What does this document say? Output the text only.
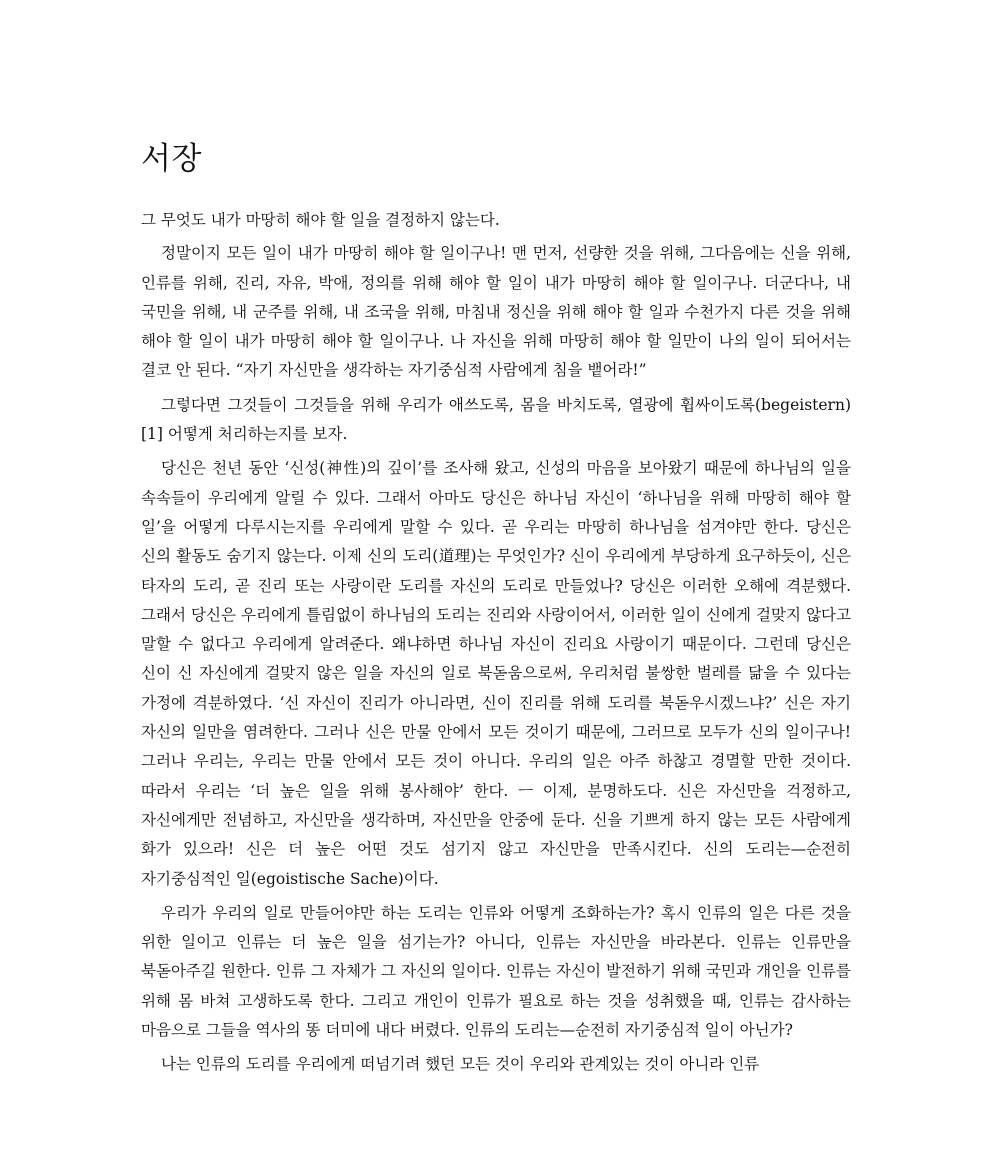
서장

그 무엇도 내가 마땅히 해야 할 일을 결정하지 않는다.

정말이지 모든 일이 내가 마땅히 해야 할 일이구나! 맨 먼저, 선량한 것을 위해, 그다음에는 신을 위해, 인류를 위해, 진리, 자유, 박애, 정의를 위해 해야 할 일이 내가 마땅히 해야 할 일이구나. 더군다나, 내 국민을 위해, 내 군주를 위해, 내 조국을 위해, 마침내 정신을 위해 해야 할 일과 수천가지 다른 것을 위해 해야 할 일이 내가 마땅히 해야 할 일이구나. 나 자신을 위해 마땅히 해야 할 일만이 나의 일이 되어서는 결코 안 된다. “자기 자신만을 생각하는 자기중심적 사람에게 침을 뱉어라!”

그렇다면 그것들이 그것들을 위해 우리가 애쓰도록, 몸을 바치도록, 열광에 휩싸이도록(begeistern)[1] 어떻게 처리하는지를 보자.

당신은 천년 동안 ‘신성(神性)의 깊이’를 조사해 왔고, 신성의 마음을 보아왔기 때문에 하나님의 일을 속속들이 우리에게 알릴 수 있다. 그래서 아마도 당신은 하나님 자신이 ‘하나님을 위해 마땅히 해야 할 일’을 어떻게 다루시는지를 우리에게 말할 수 있다. 곧 우리는 마땅히 하나님을 섬겨야만 한다. 당신은 신의 활동도 숨기지 않는다. 이제 신의 도리(道理)는 무엇인가? 신이 우리에게 부당하게 요구하듯이, 신은 타자의 도리, 곧 진리 또는 사랑이란 도리를 자신의 도리로 만들었나? 당신은 이러한 오해에 격분했다. 그래서 당신은 우리에게 틀림없이 하나님의 도리는 진리와 사랑이어서, 이러한 일이 신에게 걸맞지 않다고 말할 수 없다고 우리에게 알려준다. 왜냐하면 하나님 자신이 진리요 사랑이기 때문이다. 그런데 당신은 신이 신 자신에게 걸맞지 않은 일을 자신의 일로 북돋움으로써, 우리처럼 불쌍한 벌레를 닮을 수 있다는 가정에 격분하였다. ‘신 자신이 진리가 아니라면, 신이 진리를 위해 도리를 북돋우시겠느냐?’ 신은 자기 자신의 일만을 염려한다. 그러나 신은 만물 안에서 모든 것이기 때문에, 그러므로 모두가 신의 일이구나! 그러나 우리는, 우리는 만물 안에서 모든 것이 아니다. 우리의 일은 아주 하찮고 경멸할 만한 것이다. 따라서 우리는 ‘더 높은 일을 위해 봉사해야’ 한다. ㅡ 이제, 분명하도다. 신은 자신만을 걱정하고, 자신에게만 전념하고, 자신만을 생각하며, 자신만을 안중에 둔다. 신을 기쁘게 하지 않는 모든 사람에게 화가 있으라! 신은 더 높은 어떤 것도 섬기지 않고 자신만을 만족시킨다. 신의 도리는—순전히 자기중심적인 일(egoistische Sache)이다.

우리가 우리의 일로 만들어야만 하는 도리는 인류와 어떻게 조화하는가? 혹시 인류의 일은 다른 것을 위한 일이고 인류는 더 높은 일을 섬기는가? 아니다, 인류는 자신만을 바라본다. 인류는 인류만을 북돋아주길 원한다. 인류 그 자체가 그 자신의 일이다. 인류는 자신이 발전하기 위해 국민과 개인을 인류를 위해 몸 바쳐 고생하도록 한다. 그리고 개인이 인류가 필요로 하는 것을 성취했을 때, 인류는 감사하는 마음으로 그들을 역사의 똥 더미에 내다 버렸다. 인류의 도리는—순전히 자기중심적 일이 아닌가?

나는 인류의 도리를 우리에게 떠넘기려 했던 모든 것이 우리와 관계있는 것이 아니라 인류
